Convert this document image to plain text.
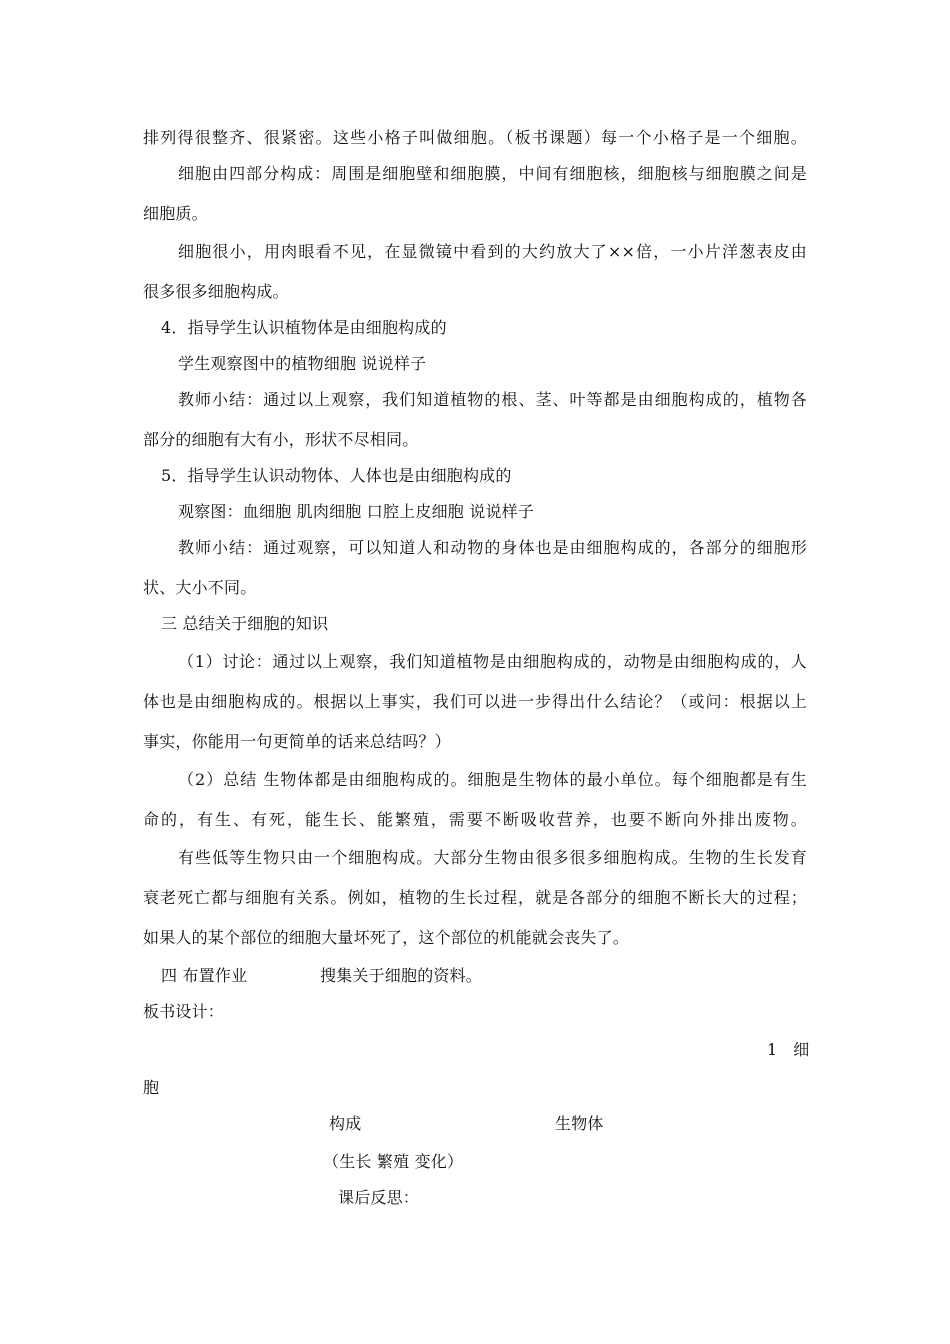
排列得很整齐、很紧密。这些小格子叫做细胞。（板书课题）每一个小格子是一个细胞。
细胞由四部分构成：周围是细胞壁和细胞膜，中间有细胞核，细胞核与细胞膜之间是
细胞质。
细胞很小，用肉眼看不见，在显微镜中看到的大约放大了××倍，一小片洋葱表皮由
很多很多细胞构成。
4．指导学生认识植物体是由细胞构成的
学生观察图中的植物细胞 说说样子
教师小结：通过以上观察，我们知道植物的根、茎、叶等都是由细胞构成的，植物各
部分的细胞有大有小，形状不尽相同。
5．指导学生认识动物体、人体也是由细胞构成的
观察图：血细胞 肌肉细胞 口腔上皮细胞 说说样子
教师小结：通过观察，可以知道人和动物的身体也是由细胞构成的，各部分的细胞形
状、大小不同。
三 总结关于细胞的知识
（1）讨论：通过以上观察，我们知道植物是由细胞构成的，动物是由细胞构成的，人
体也是由细胞构成的。根据以上事实，我们可以进一步得出什么结论？（或问：根据以上
事实，你能用一句更简单的话来总结吗？）
（2）总结 生物体都是由细胞构成的。细胞是生物体的最小单位。每个细胞都是有生
命的，有生、有死，能生长、能繁殖，需要不断吸收营养，也要不断向外排出废物。
有些低等生物只由一个细胞构成。大部分生物由很多很多细胞构成。生物的生长发育
衰老死亡都与细胞有关系。例如，植物的生长过程，就是各部分的细胞不断长大的过程；
如果人的某个部位的细胞大量坏死了，这个部位的机能就会丧失了。
四 布置作业	搜集关于细胞的资料。
板书设计：
1   细
胞
构成	生物体
（生长 繁殖 变化）
课后反思：
